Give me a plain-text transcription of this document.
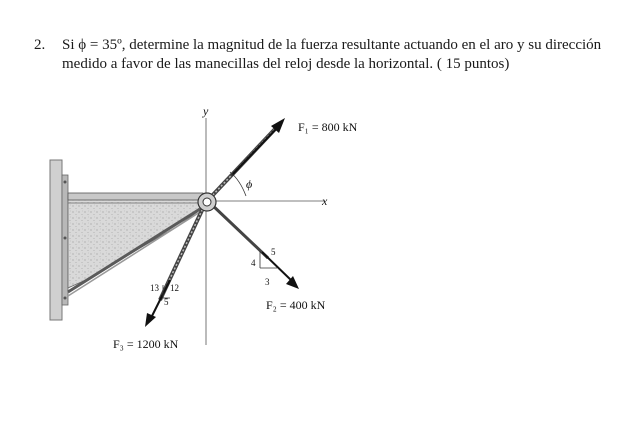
2. Si ϕ = 35º, determine la magnitud de la fuerza resultante actuando en el aro y su dirección medido a favor de las manecillas del reloj desde la horizontal. ( 15 puntos)
y
x
F₁ = 800 kN
ϕ
5
4
3
F₂ = 400 kN
13 12
5
F₃ = 1200 kN
